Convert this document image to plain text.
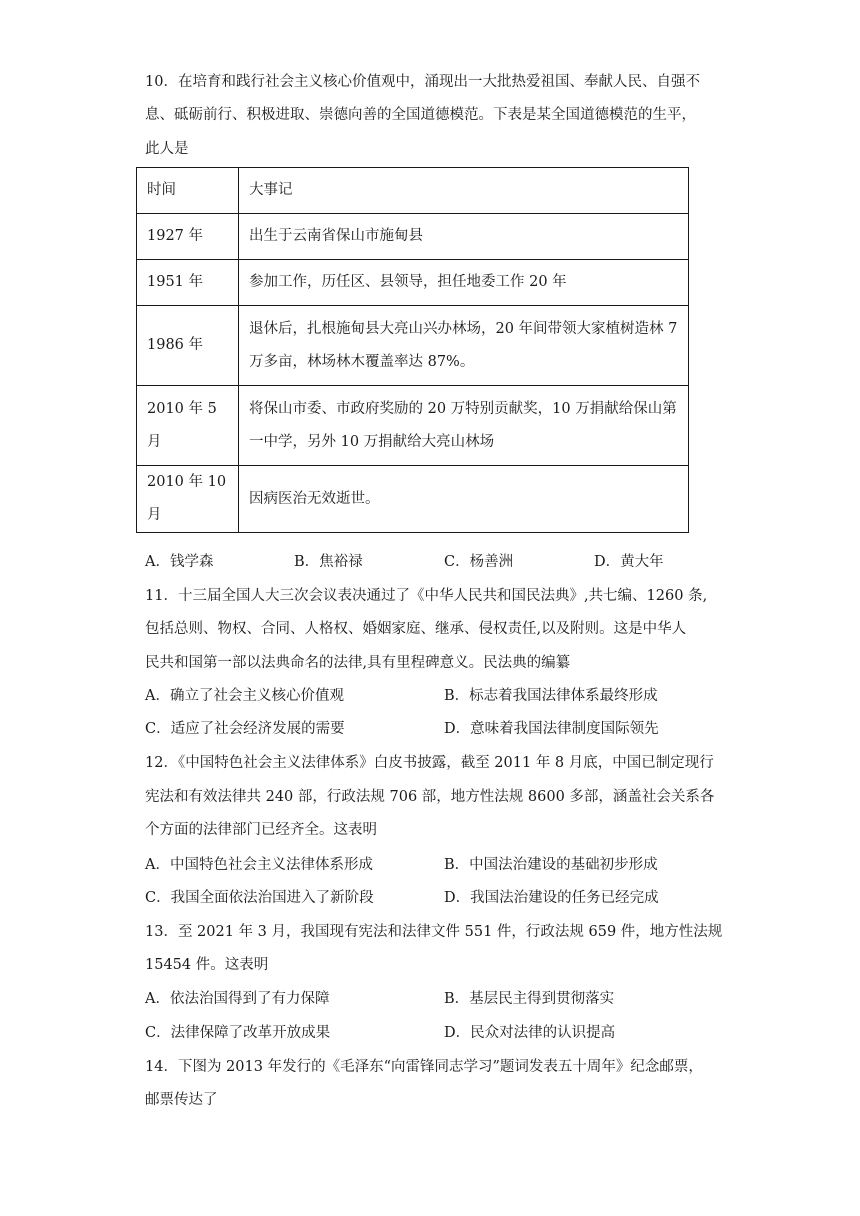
10．在培育和践行社会主义核心价值观中，涌现出一大批热爱祖国、奉献人民、自强不
息、砥砺前行、积极进取、崇德向善的全国道德模范。下表是某全国道德模范的生平，
此人是
时间	大事记
1927 年	出生于云南省保山市施甸县
1951 年	参加工作，历任区、县领导，担任地委工作 20 年
1986 年	退休后，扎根施甸县大亮山兴办林场，20 年间带领大家植树造林 7
万多亩，林场林木覆盖率达 87%。

2010 年 5 月	将保山市委、市政府奖励的 20 万特别贡献奖，10 万捐献给保山第
一中学，另外 10 万捐献给大亮山林场

2010 年 10 月	因病医治无效逝世。
A．钱学森	B．焦裕禄	C．杨善洲	D．黄大年
11．十三届全国人大三次会议表决通过了《中华人民共和国民法典》,共七编、1260 条,
包括总则、物权、合同、人格权、婚姻家庭、继承、侵权责任,以及附则。这是中华人
民共和国第一部以法典命名的法律,具有里程碑意义。民法典的编纂
A．确立了社会主义核心价值观	B．标志着我国法律体系最终形成
C．适应了社会经济发展的需要	D．意味着我国法律制度国际领先
12．《中国特色社会主义法律体系》白皮书披露，截至 2011 年 8 月底，中国已制定现行
宪法和有效法律共 240 部，行政法规 706 部，地方性法规 8600 多部，涵盖社会关系各
个方面的法律部门已经齐全。这表明
A．中国特色社会主义法律体系形成	B．中国法治建设的基础初步形成
C．我国全面依法治国进入了新阶段	D．我国法治建设的任务已经完成
13．至 2021 年 3 月，我国现有宪法和法律文件 551 件，行政法规 659 件，地方性法规
15454 件。这表明
A．依法治国得到了有力保障	B．基层民主得到贯彻落实
C．法律保障了改革开放成果	D．民众对法律的认识提高
14．下图为 2013 年发行的《毛泽东“向雷锋同志学习”题词发表五十周年》纪念邮票，
邮票传达了
